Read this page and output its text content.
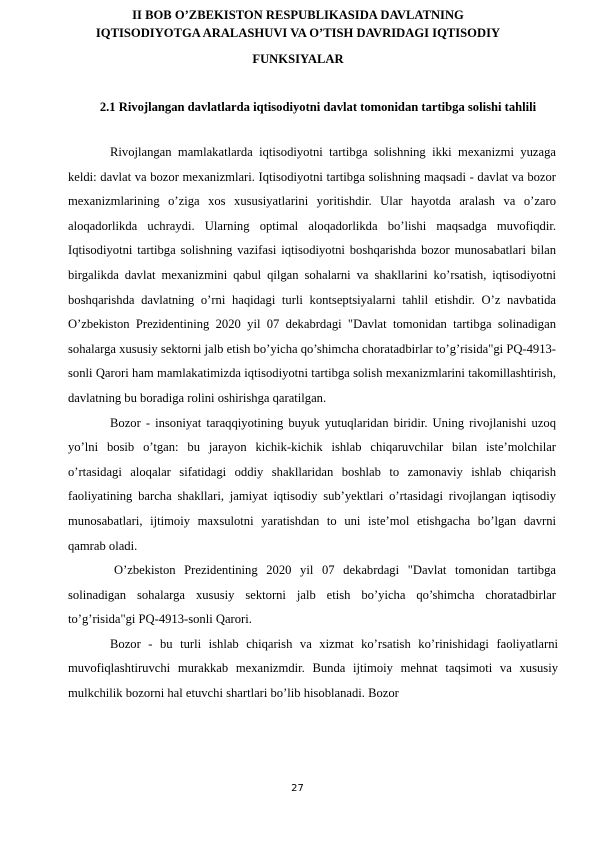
II BOB O’ZBEKISTON RESPUBLIKASIDA DAVLATNING
IQTISODIYOTGA ARALASHUVI VA O’TISH DAVRIDAGI IQTISODIY
FUNKSIYALAR
2.1 Rivojlangan davlatlarda iqtisodiyotni davlat tomonidan tartibga solishi tahlili

Rivojlangan mamlakatlarda iqtisodiyotni tartibga solishning ikki mexanizmi yuzaga keldi: davlat va bozor mexanizmlari. Iqtisodiyotni tartibga solishning maqsadi - davlat va bozor mexanizmlarining o’ziga xos xususiyatlarini yoritishdir. Ular hayotda aralash va o’zaro aloqadorlikda uchraydi. Ularning optimal aloqadorlikda bo’lishi maqsadga muvofiqdir. Iqtisodiyotni tartibga solishning vazifasi iqtisodiyotni boshqarishda bozor munosabatlari bilan birgalikda davlat mexanizmini qabul qilgan sohalarni va shakllarini ko’rsatish, iqtisodiyotni boshqarishda davlatning o’rni haqidagi turli kontseptsiyalarni tahlil etishdir. O’z navbatida O’zbekiston Prezidentining 2020 yil 07 dekabrdagi "Davlat tomonidan tartibga solinadigan sohalarga xususiy sektorni jalb etish bo’yicha qo’shimcha choratadbirlar to’g’risida"gi PQ-4913-sonli Qarori ham mamlakatimizda iqtisodiyotni tartibga solish mexanizmlarini takomillashtirish, davlatning bu boradiga rolini oshirishga qaratilgan.

Bozor - insoniyat taraqqiyotining buyuk yutuqlaridan biridir. Uning rivojlanishi uzoq yo’lni bosib o’tgan: bu jarayon kichik-kichik ishlab chiqaruvchilar bilan iste’molchilar o’rtasidagi aloqalar sifatidagi oddiy shakllaridan boshlab to zamonaviy ishlab chiqarish faoliyatining barcha shakllari, jamiyat iqtisodiy sub’yektlari o’rtasidagi rivojlangan iqtisodiy munosabatlari, ijtimoiy maxsulotni yaratishdan to uni iste’mol etishgacha bo’lgan davrni qamrab oladi.

O’zbekiston Prezidentining 2020 yil 07 dekabrdagi "Davlat tomonidan tartibga solinadigan sohalarga xususiy sektorni jalb etish bo’yicha qo’shimcha choratadbirlar to’g’risida"gi PQ-4913-sonli Qarori.

Bozor - bu turli ishlab chiqarish va xizmat ko’rsatish ko’rinishidagi faoliyatlarni muvofiqlashtiruvchi murakkab mexanizmdir. Bunda ijtimoiy mehnat taqsimoti va xususiy mulkchilik bozorni hal etuvchi shartlari bo’lib hisoblanadi. Bozor

27
